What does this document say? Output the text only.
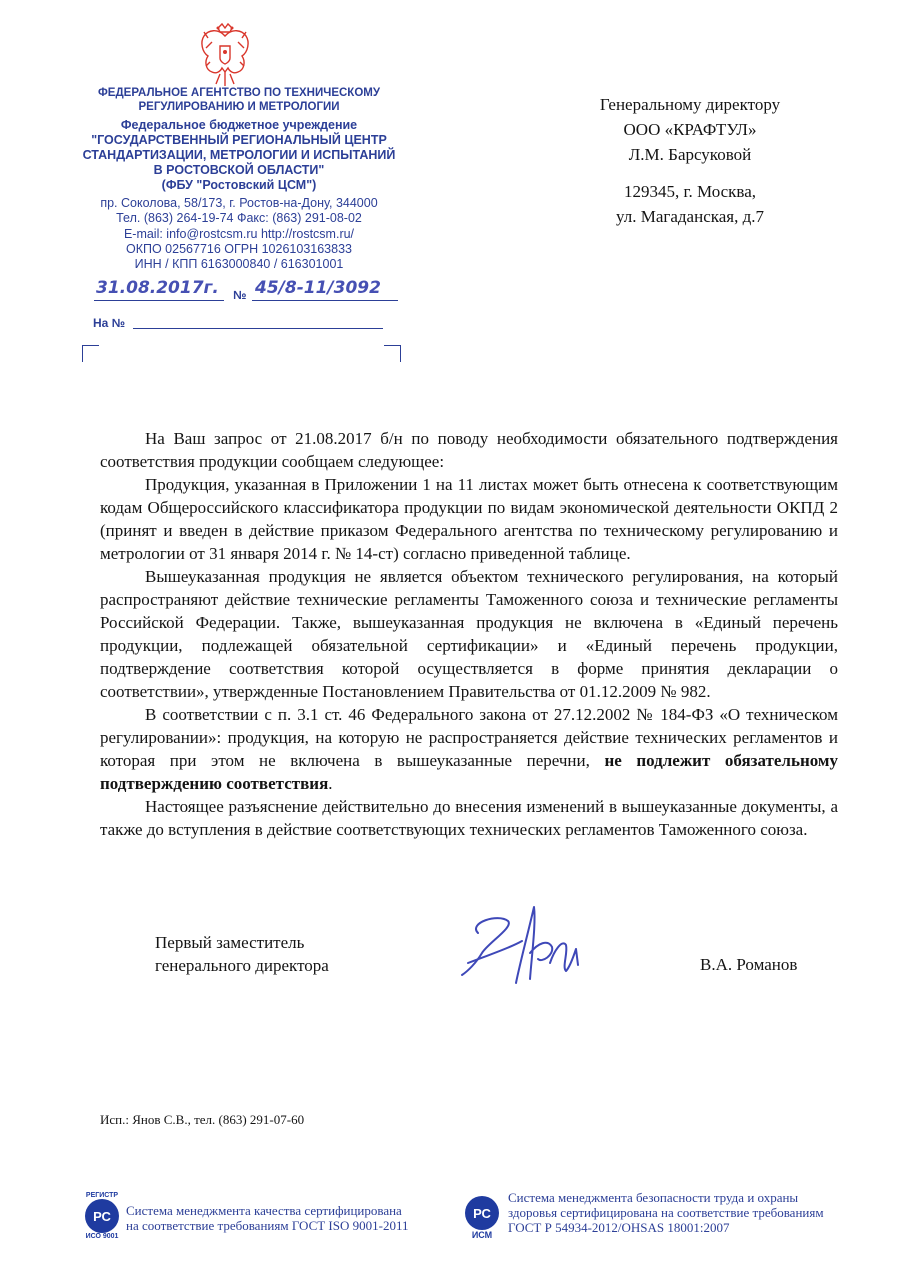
ФЕДЕРАЛЬНОЕ АГЕНТСТВО ПО ТЕХНИЧЕСКОМУ РЕГУЛИРОВАНИЮ И МЕТРОЛОГИИ
Федеральное бюджетное учреждение
"ГОСУДАРСТВЕННЫЙ РЕГИОНАЛЬНЫЙ ЦЕНТР СТАНДАРТИЗАЦИИ, МЕТРОЛОГИИ И ИСПЫТАНИЙ В РОСТОВСКОЙ ОБЛАСТИ"
(ФБУ "Ростовский ЦСМ")
пр. Соколова, 58/173, г. Ростов-на-Дону, 344000
Тел. (863) 264-19-74 Факс: (863) 291-08-02
E-mail: info@rostcsm.ru http://rostcsm.ru/
ОКПО 02567716 ОГРН 1026103163833
ИНН / КПП 6163000840 / 616301001
31.08.2017г. № 45/8-11/3092
На №
Генеральному директору
ООО «КРАФТУЛ»
Л.М. Барсуковой
129345, г. Москва,
ул. Магаданская, д.7

На Ваш запрос от 21.08.2017 б/н по поводу необходимости обязательного подтверждения соответствия продукции сообщаем следующее:

Продукция, указанная в Приложении 1 на 11 листах может быть отнесена к соответствующим кодам Общероссийского классификатора продукции по видам экономической деятельности ОКПД 2 (принят и введен в действие приказом Федерального агентства по техническому регулированию и метрологии от 31 января 2014 г. № 14-ст) согласно приведенной таблице.

Вышеуказанная продукция не является объектом технического регулирования, на который распространяют действие технические регламенты Таможенного союза и технические регламенты Российской Федерации. Также, вышеуказанная продукция не включена в «Единый перечень продукции, подлежащей обязательной сертификации» и «Единый перечень продукции, подтверждение соответствия которой осуществляется в форме принятия декларации о соответствии», утвержденные Постановлением Правительства от 01.12.2009 № 982.

В соответствии с п. 3.1 ст. 46 Федерального закона от 27.12.2002 № 184-ФЗ «О техническом регулировании»: продукция, на которую не распространяется действие технических регламентов и которая при этом не включена в вышеуказанные перечни, не подлежит обязательному подтверждению соответствия.

Настоящее разъяснение действительно до внесения изменений в вышеуказанные документы, а также до вступления в действие соответствующих технических регламентов Таможенного союза.

Первый заместитель
генерального директора	В.А. Романов
Исп.: Янов С.В., тел. (863) 291-07-60
РЕГИСТР
РС
ИСО 9001
Система менеджмента качества сертифицирована
на соответствие требованиям ГОСТ ISO 9001-2011
РС
ИСМ
Система менеджмента безопасности труда и охраны
здоровья сертифицирована на соответствие требованиям
ГОСТ Р 54934-2012/OHSAS 18001:2007
